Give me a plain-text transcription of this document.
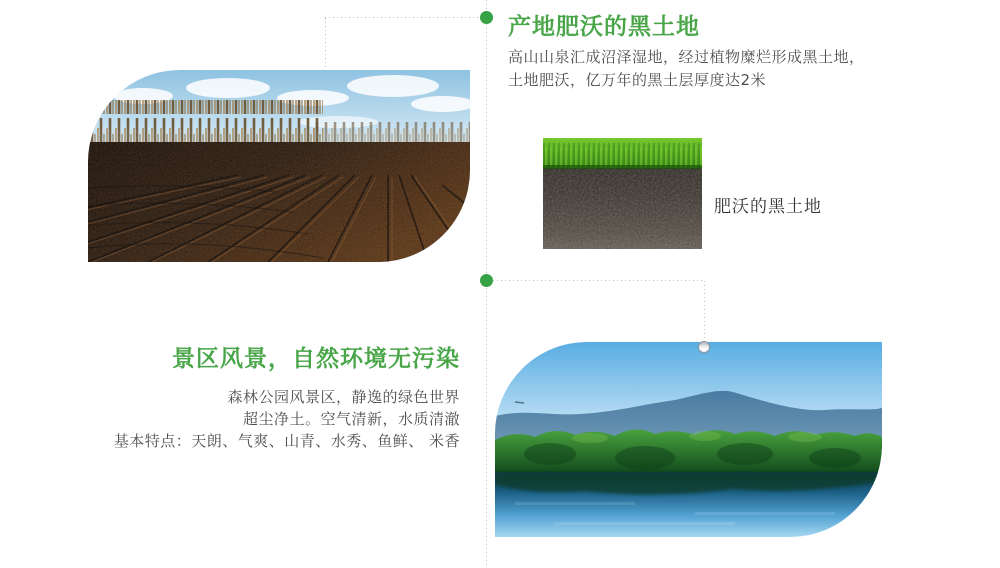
产地肥沃的黑土地
高山山泉汇成沼泽湿地，经过植物糜烂形成黑土地，
土地肥沃，亿万年的黑土层厚度达2米
肥沃的黑土地
景区风景，自然环境无污染
森林公园风景区，静逸的绿色世界
超尘净土。空气清新，水质清澈
基本特点：天朗、气爽、山青、水秀、鱼鲜、 米香
